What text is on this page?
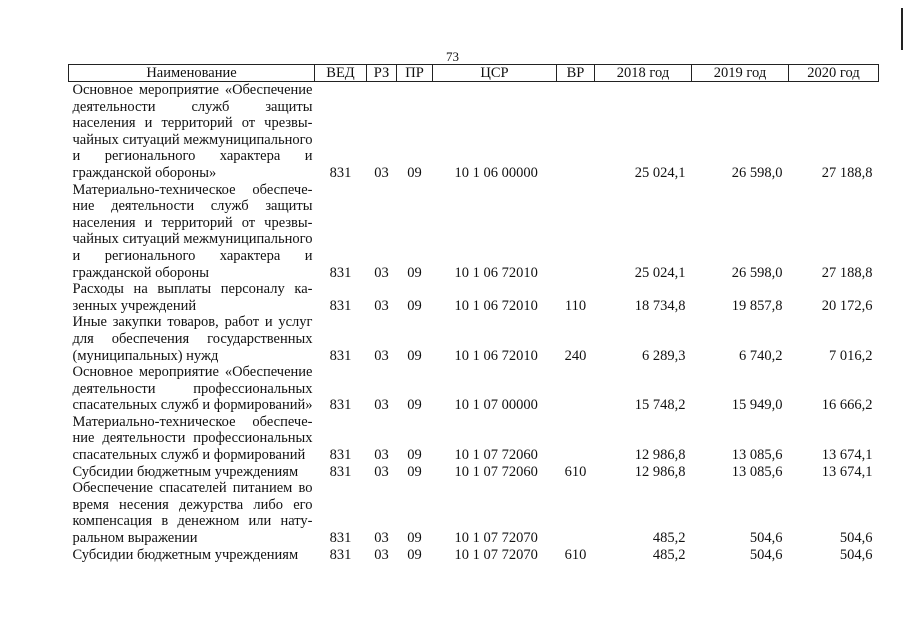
73
Наименование	ВЕД	РЗ	ПР	ЦСР	ВР	2018 год	2019 год	2020 год
Основное мероприятие «Обеспечение деятельности служб защиты населения и территорий от чрезвычайных ситуаций межмуниципального и регионального характера и гражданской обороны»	831	03	09	10 1 06 00000		25 024,1	26 598,0	27 188,8
Материально-техническое обеспечение деятельности служб защиты населения и территорий от чрезвычайных ситуаций межмуниципального и регионального характера и гражданской обороны	831	03	09	10 1 06 72010		25 024,1	26 598,0	27 188,8
Расходы на выплаты персоналу казенных учреждений	831	03	09	10 1 06 72010	110	18 734,8	19 857,8	20 172,6
Иные закупки товаров, работ и услуг для обеспечения государственных (муниципальных) нужд	831	03	09	10 1 06 72010	240	6 289,3	6 740,2	7 016,2
Основное мероприятие «Обеспечение деятельности профессиональных спасательных служб и формирований»	831	03	09	10 1 07 00000		15 748,2	15 949,0	16 666,2
Материально-техническое обеспечение деятельности профессиональных спасательных служб и формирований	831	03	09	10 1 07 72060		12 986,8	13 085,6	13 674,1
Субсидии бюджетным учреждениям	831	03	09	10 1 07 72060	610	12 986,8	13 085,6	13 674,1
Обеспечение спасателей питанием во время несения дежурства либо его компенсация в денежном или натуральном выражении	831	03	09	10 1 07 72070		485,2	504,6	504,6
Субсидии бюджетным учреждениям	831	03	09	10 1 07 72070	610	485,2	504,6	504,6
